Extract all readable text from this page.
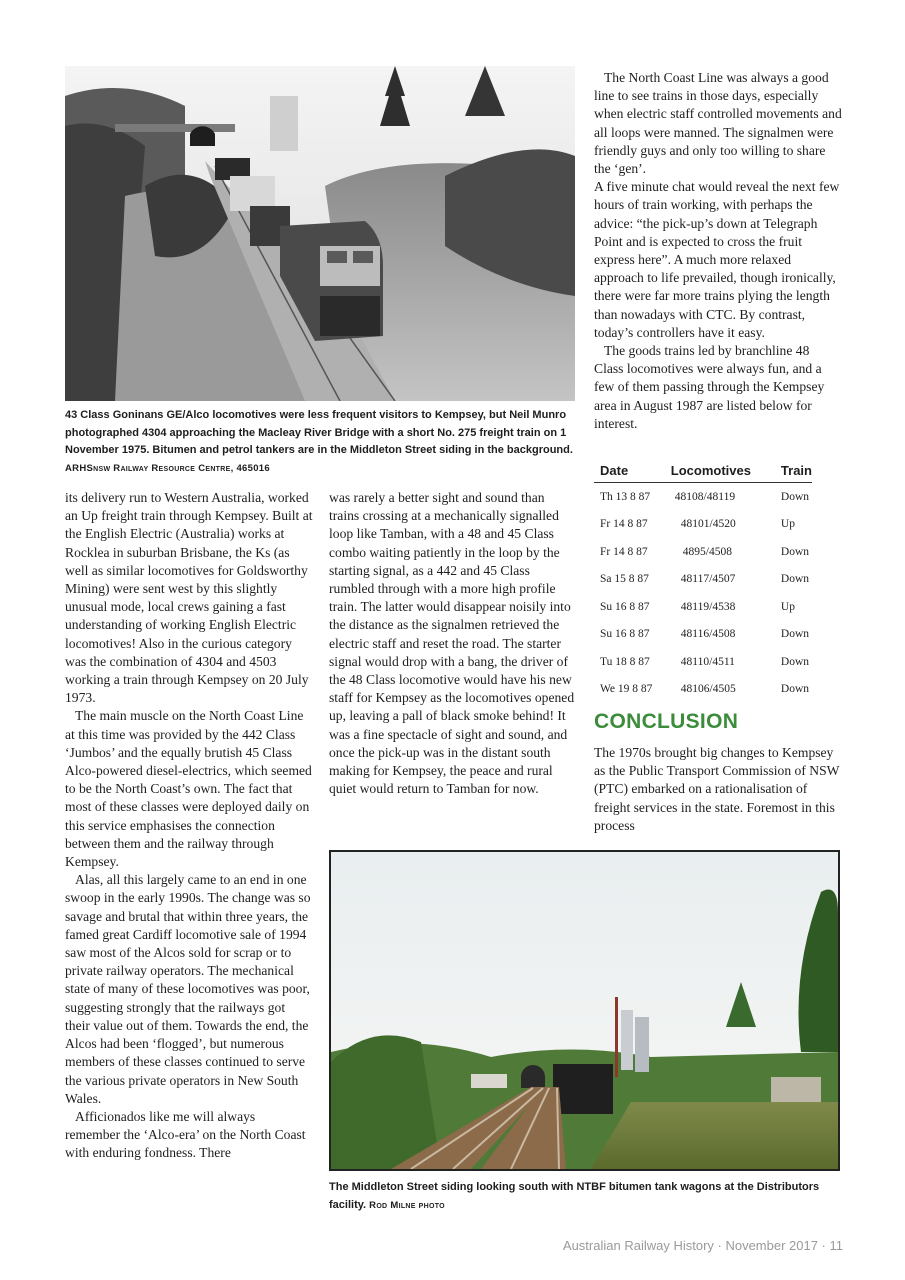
43 Class Goninans GE/Alco locomotives were less frequent visitors to Kempsey, but Neil Munro photographed 4304 approaching the Macleay River Bridge with a short No. 275 freight train on 1 November 1975. Bitumen and petrol tankers are in the Middleton Street siding in the background. ARHSnsw Railway Resource Centre, 465016

The North Coast Line was always a good line to see trains in those days, especially when electric staff controlled movements and all loops were manned. The signalmen were friendly guys and only too willing to share the ‘gen’.

A five minute chat would reveal the next few hours of train working, with perhaps the advice: “the pick-up’s down at Telegraph Point and is expected to cross the fruit express here”. A much more relaxed approach to life prevailed, though ironically, there were far more trains plying the length than nowadays with CTC. By contrast, today’s controllers have it easy.

The goods trains led by branchline 48 Class locomotives were always fun, and a few of them passing through the Kempsey area in August 1987 are listed below for interest.

Date	Locomotives	Train
Th 13 8 87	48108/48119	Down
Fr 14 8 87	48101/4520	Up
Fr 14 8 87	4895/4508	Down
Sa 15 8 87	48117/4507	Down
Su 16 8 87	48119/4538	Up
Su 16 8 87	48116/4508	Down
Tu 18 8 87	48110/4511	Down
We 19 8 87	48106/4505	Down
CONCLUSION

The 1970s brought big changes to Kempsey as the Public Transport Commission of NSW (PTC) embarked on a rationalisation of freight services in the state. Foremost in this process

its delivery run to Western Australia, worked an Up freight train through Kempsey. Built at the English Electric (Australia) works at Rocklea in suburban Brisbane, the Ks (as well as similar locomotives for Goldsworthy Mining) were sent west by this slightly unusual mode, local crews gaining a fast understanding of working English Electric locomotives! Also in the curious category was the combination of 4304 and 4503 working a train through Kempsey on 20 July 1973.

The main muscle on the North Coast Line at this time was provided by the 442 Class ‘Jumbos’ and the equally brutish 45 Class Alco-powered diesel-electrics, which seemed to be the North Coast’s own. The fact that most of these classes were deployed daily on this service emphasises the connection between them and the railway through Kempsey.

Alas, all this largely came to an end in one swoop in the early 1990s. The change was so savage and brutal that within three years, the famed great Cardiff locomotive sale of 1994 saw most of the Alcos sold for scrap or to private railway operators. The mechanical state of many of these locomotives was poor, suggesting strongly that the railways got their value out of them. Towards the end, the Alcos had been ‘flogged’, but numerous members of these classes continued to serve the various private operators in New South Wales.

Afficionados like me will always remember the ‘Alco-era’ on the North Coast with enduring fondness. There

was rarely a better sight and sound than trains crossing at a mechanically signalled loop like Tamban, with a 48 and 45 Class combo waiting patiently in the loop by the starting signal, as a 442 and 45 Class rumbled through with a more high profile train. The latter would disappear noisily into the distance as the signalmen retrieved the electric staff and reset the road. The starter signal would drop with a bang, the driver of the 48 Class locomotive would have his new staff for Kempsey as the locomotives opened up, leaving a pall of black smoke behind! It was a fine spectacle of sight and sound, and once the pick-up was in the distant south making for Kempsey, the peace and rural quiet would return to Tamban for now.

The Middleton Street siding looking south with NTBF bitumen tank wagons at the Distributors facility. Rod Milne photo
Australian Railway History · November 2017 · 11
